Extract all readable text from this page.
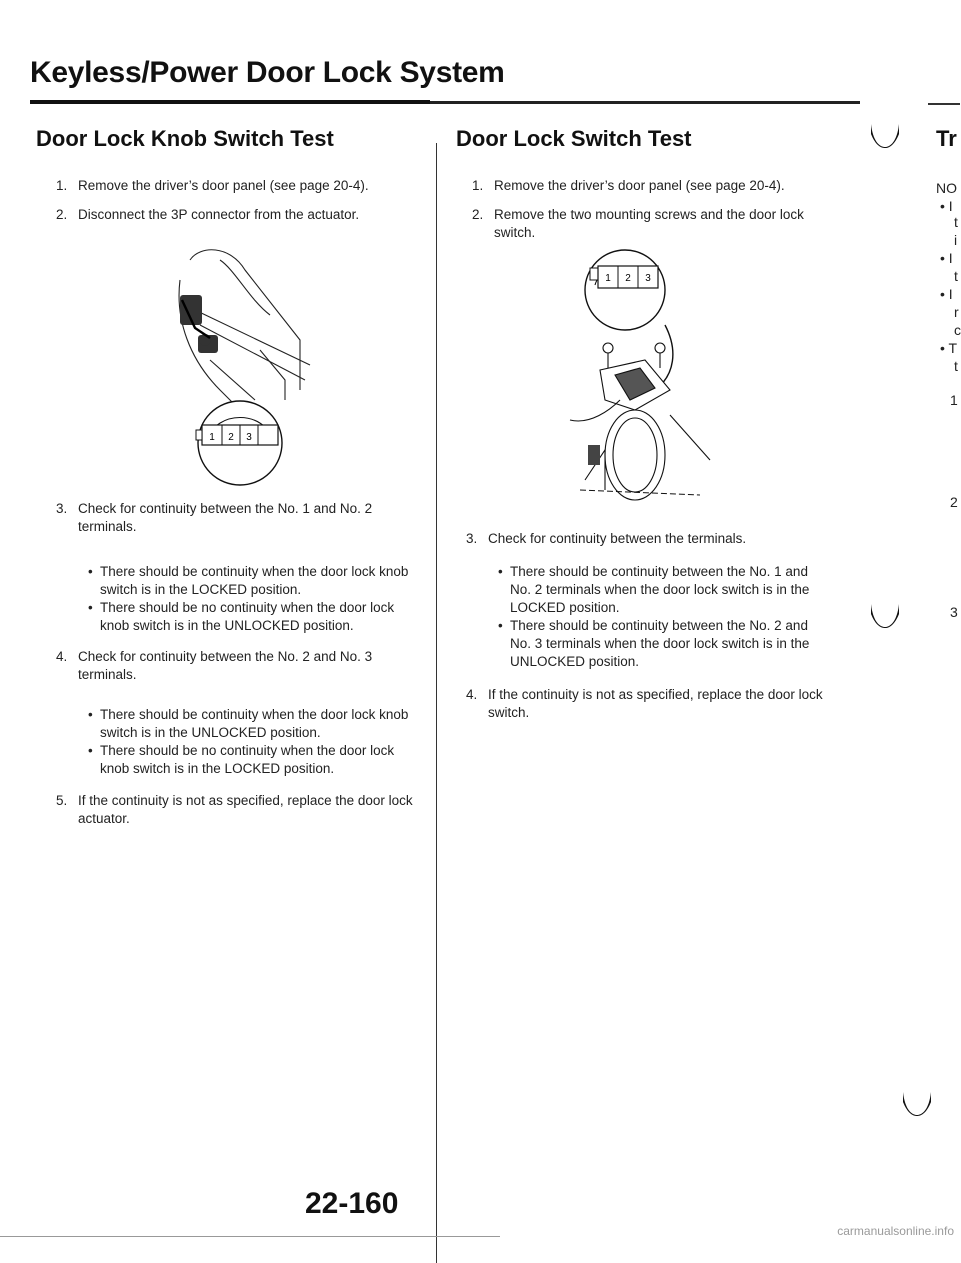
Keyless/Power Door Lock System
Door Lock Knob Switch Test
1. Remove the driver’s door panel (see page 20-4).
2. Disconnect the 3P connector from the actuator.
1 2 3
3. Check for continuity between the No. 1 and No. 2 terminals.
• There should be continuity when the door lock knob switch is in the LOCKED position.
• There should be no continuity when the door lock knob switch is in the UNLOCKED position.
4. Check for continuity between the No. 2 and No. 3 terminals.
• There should be continuity when the door lock knob switch is in the UNLOCKED position.
• There should be no continuity when the door lock knob switch is in the LOCKED position.
5. If the continuity is not as specified, replace the door lock actuator.
Door Lock Switch Test
1. Remove the driver’s door panel (see page 20-4).
2. Remove the two mounting screws and the door lock switch.
1 2 3
3. Check for continuity between the terminals.
• There should be continuity between the No. 1 and No. 2 terminals when the door lock switch is in the LOCKED position.
• There should be continuity between the No. 2 and No. 3 terminals when the door lock switch is in the UNLOCKED position.
4. If the continuity is not as specified, replace the door lock switch.
Tr
NO
• I
t
i
• I
t
• I
r
c
• T
t
1
2
3
22-160
carmanualsonline.info
